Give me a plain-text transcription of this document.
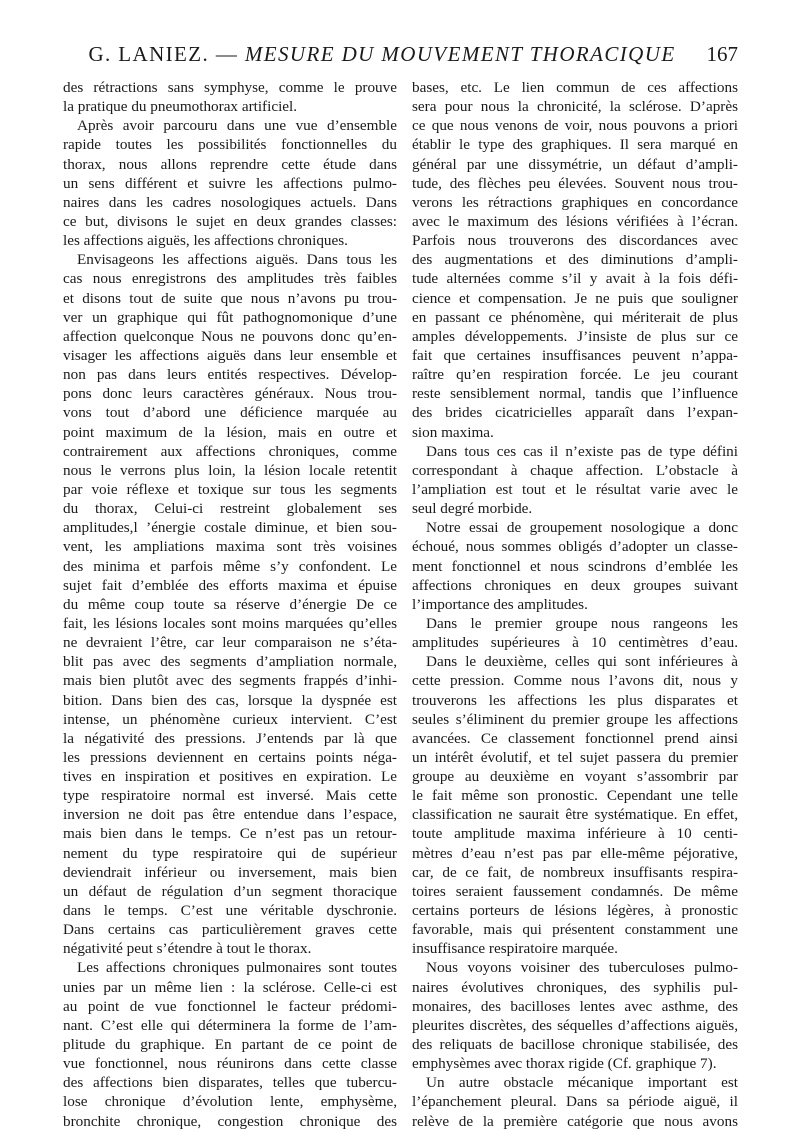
G. LANIEZ. — MESURE DU MOUVEMENT THORACIQUE	167
des rétractions sans symphyse, comme le prouve
la pratique du pneumothorax artificiel.
Après avoir parcouru dans une vue d’ensemble
rapide toutes les possibilités fonctionnelles du
thorax, nous allons reprendre cette étude dans
un sens différent et suivre les affections pulmo-
naires dans les cadres nosologiques actuels. Dans
ce but, divisons le sujet en deux grandes classes:
les affections aiguës, les affections chroniques.
Envisageons les affections aiguës. Dans tous les
cas nous enregistrons des amplitudes très faibles
et disons tout de suite que nous n’avons pu trou-
ver un graphique qui fût pathognomonique d’une
affection quelconque Nous ne pouvons donc qu’en-
visager les affections aiguës dans leur ensemble et
non pas dans leurs entités respectives. Dévelop-
pons donc leurs caractères généraux. Nous trou-
vons tout d’abord une déficience marquée au
point maximum de la lésion, mais en outre et
contrairement aux affections chroniques, comme
nous le verrons plus loin, la lésion locale retentit
par voie réflexe et toxique sur tous les segments
du thorax, Celui-ci restreint globalement ses
amplitudes,l ’énergie costale diminue, et bien sou-
vent, les ampliations maxima sont très voisines
des minima et parfois même s’y confondent. Le
sujet fait d’emblée des efforts maxima et épuise
du même coup toute sa réserve d’énergie De ce
fait, les lésions locales sont moins marquées qu’elles
ne devraient l’être, car leur comparaison ne s’éta-
blit pas avec des segments d’ampliation normale,
mais bien plutôt avec des segments frappés d’inhi-
bition. Dans bien des cas, lorsque la dyspnée est
intense, un phénomène curieux intervient. C’est
la négativité des pressions. J’entends par là que
les pressions deviennent en certains points néga-
tives en inspiration et positives en expiration. Le
type respiratoire normal est inversé. Mais cette
inversion ne doit pas être entendue dans l’espace,
mais bien dans le temps. Ce n’est pas un retour-
nement du type respiratoire qui de supérieur
deviendrait inférieur ou inversement, mais bien
un défaut de régulation d’un segment thoracique
dans le temps. C’est une véritable dyschronie.
Dans certains cas particulièrement graves cette
négativité peut s’étendre à tout le thorax.
Les affections chroniques pulmonaires sont toutes
unies par un même lien : la sclérose. Celle-ci est
au point de vue fonctionnel le facteur prédomi-
nant. C’est elle qui déterminera la forme de l’am-
plitude du graphique. En partant de ce point de
vue fonctionnel, nous réunirons dans cette classe
des affections bien disparates, telles que tubercu-
lose chronique d’évolution lente, emphysème,
bronchite chronique, congestion chronique des
bases, etc. Le lien commun de ces affections
sera pour nous la chronicité, la sclérose. D’après
ce que nous venons de voir, nous pouvons a priori
établir le type des graphiques. Il sera marqué en
général par une dissymétrie, un défaut d’ampli-
tude, des flèches peu élevées. Souvent nous trou-
verons les rétractions graphiques en concordance
avec le maximum des lésions vérifiées à l’écran.
Parfois nous trouverons des discordances avec
des augmentations et des diminutions d’ampli-
tude alternées comme s’il y avait à la fois défi-
cience et compensation. Je ne puis que souligner
en passant ce phénomène, qui mériterait de plus
amples développements. J’insiste de plus sur ce
fait que certaines insuffisances peuvent n’appa-
raître qu’en respiration forcée. Le jeu courant
reste sensiblement normal, tandis que l’influence
des brides cicatricielles apparaît dans l’expan-
sion maxima.
Dans tous ces cas il n’existe pas de type défini
correspondant à chaque affection. L’obstacle à
l’ampliation est tout et le résultat varie avec le
seul degré morbide.
Notre essai de groupement nosologique a donc
échoué, nous sommes obligés d’adopter un classe-
ment fonctionnel et nous scindrons d’emblée les
affections chroniques en deux groupes suivant
l’importance des amplitudes.
Dans le premier groupe nous rangeons les
amplitudes supérieures à 10 centimètres d’eau.
Dans le deuxième, celles qui sont inférieures à
cette pression. Comme nous l’avons dit, nous y
trouverons les affections les plus disparates et
seules s’éliminent du premier groupe les affections
avancées. Ce classement fonctionnel prend ainsi
un intérêt évolutif, et tel sujet passera du premier
groupe au deuxième en voyant s’assombrir par
le fait même son pronostic. Cependant une telle
classification ne saurait être systématique. En effet,
toute amplitude maxima inférieure à 10 centi-
mètres d’eau n’est pas par elle-même péjorative,
car, de ce fait, de nombreux insuffisants respira-
toires seraient faussement condamnés. De même
certains porteurs de lésions légères, à pronostic
favorable, mais qui présentent constamment une
insuffisance respiratoire marquée.
Nous voyons voisiner des tuberculoses pulmo-
naires évolutives chroniques, des syphilis pul-
monaires, des bacilloses lentes avec asthme, des
pleurites discrètes, des séquelles d’affections aiguës,
des reliquats de bacillose chronique stabilisée, des
emphysèmes avec thorax rigide (Cf. graphique 7).
Un autre obstacle mécanique important est
l’épanchement pleural. Dans sa période aiguë, il
relève de la première catégorie que nous avons
